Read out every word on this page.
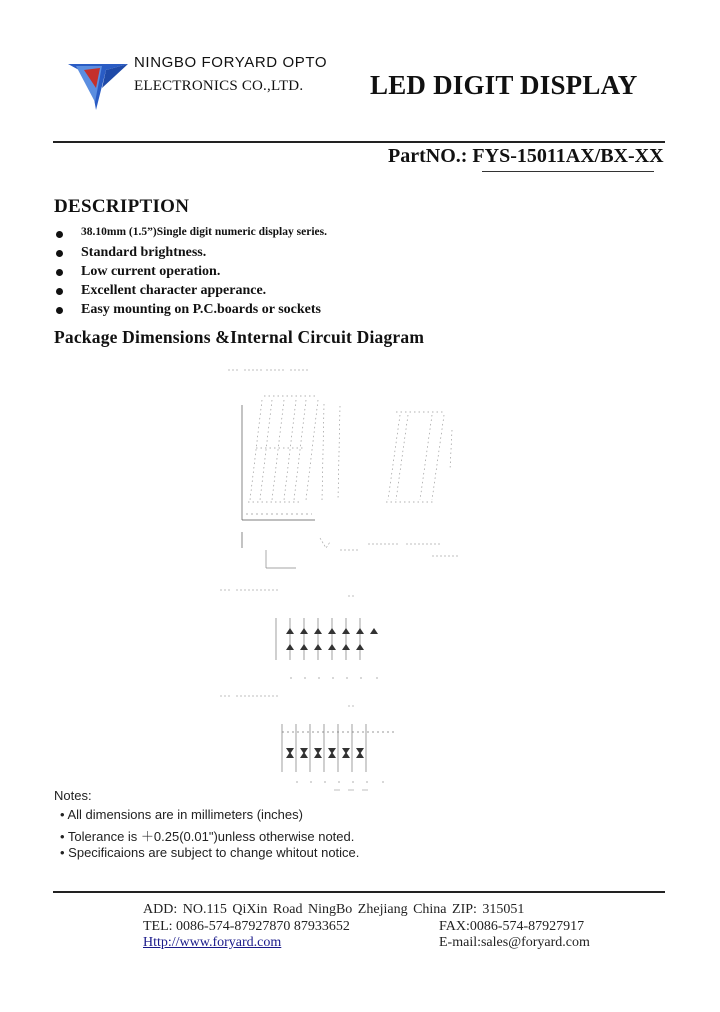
NINGBO FORYARD OPTO
ELECTRONICS CO.,LTD. LED DIGIT DISPLAY
PartNO.: FYS-15011AX/BX-XX
DESCRIPTION
38.10mm (1.5”)Single digit numeric display series.
Standard brightness.
Low current operation.
Excellent character apperance.
Easy mounting on P.C.boards or sockets
Package Dimensions &Internal Circuit Diagram
Notes:
• All dimensions are in millimeters (inches)
• Tolerance is ＋0.25(0.01")unless otherwise noted.
• Specificaions are subject to change whitout notice.
ADD: NO.115 QiXin Road NingBo Zhejiang China ZIP: 315051
TEL: 0086-574-87927870 87933652	FAX:0086-574-87927917
Http://www.foryard.com	E-mail:sales@foryard.com
